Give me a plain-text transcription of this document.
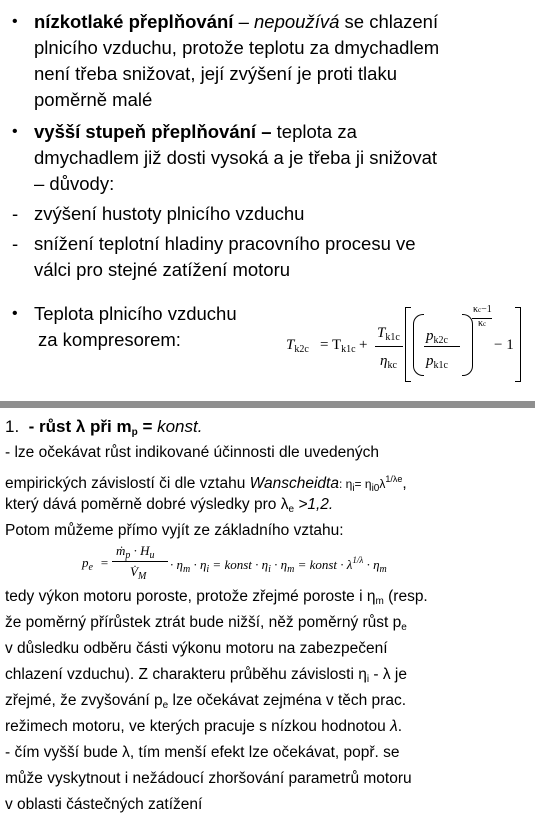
• nízkotlaké přeplňování – nepoužívá se chlazení
plnicího vzduchu, protože teplotu za dmychadlem
není třeba snižovat, její zvýšení je proti tlaku
poměrně malé
• vyšší stupeň přeplňování – teplota za
dmychadlem již dosti vysoká a je třeba ji snižovat
– důvody:
- zvýšení hustoty plnicího vzduchu
- snížení teplotní hladiny pracovního procesu ve
válci pro stejné zatížení motoru
• Teplota plnicího vzduchu
za kompresorem:	$T_{k2c} = T_{k1c}$ +
$T_{k1c}$
$\eta_{kc}$
$p_{k2c}$
$p_{k1c}$
κc−1
κc
− 1
1. - růst λ při $m_p$ = konst.
- lze očekávat růst indikované účinnosti dle uvedených
empirických závislostí či dle vztahu Wanscheidta: $\eta_i= \eta_{i0}\lambda^{1/\lambda e}$,
který dává poměrně dobré výsledky pro $\lambda_e >1,2$.
Potom můžeme přímo vyjít ze základního vztahu:
$p_e$ =
ṁ$_p$ · $H_u$
$V̇_M$
· $\eta_m \cdot \eta_i$ = konst · $\eta_i \cdot \eta_m$ = konst · $\lambda^{1/\lambda} \cdot \eta_m$
tedy výkon motoru poroste, protože zřejmé poroste i $\eta_m$ (resp.
že poměrný přírůstek ztrát bude nižší, něž poměrný růst $p_e$
v důsledku odběru části výkonu motoru na zabezpečení
chlazení vzduchu). Z charakteru průběhu závislosti $\eta_i$ - λ je
zřejmé, že zvyšování $p_e$ lze očekávat zejména v těch prac.
režimech motoru, ve kterých pracuje s nízkou hodnotou λ.
- čím vyšší bude λ, tím menší efekt lze očekávat, popř. se
může vyskytnout i nežádoucí zhoršování parametrů motoru
v oblasti částečných zatížení
